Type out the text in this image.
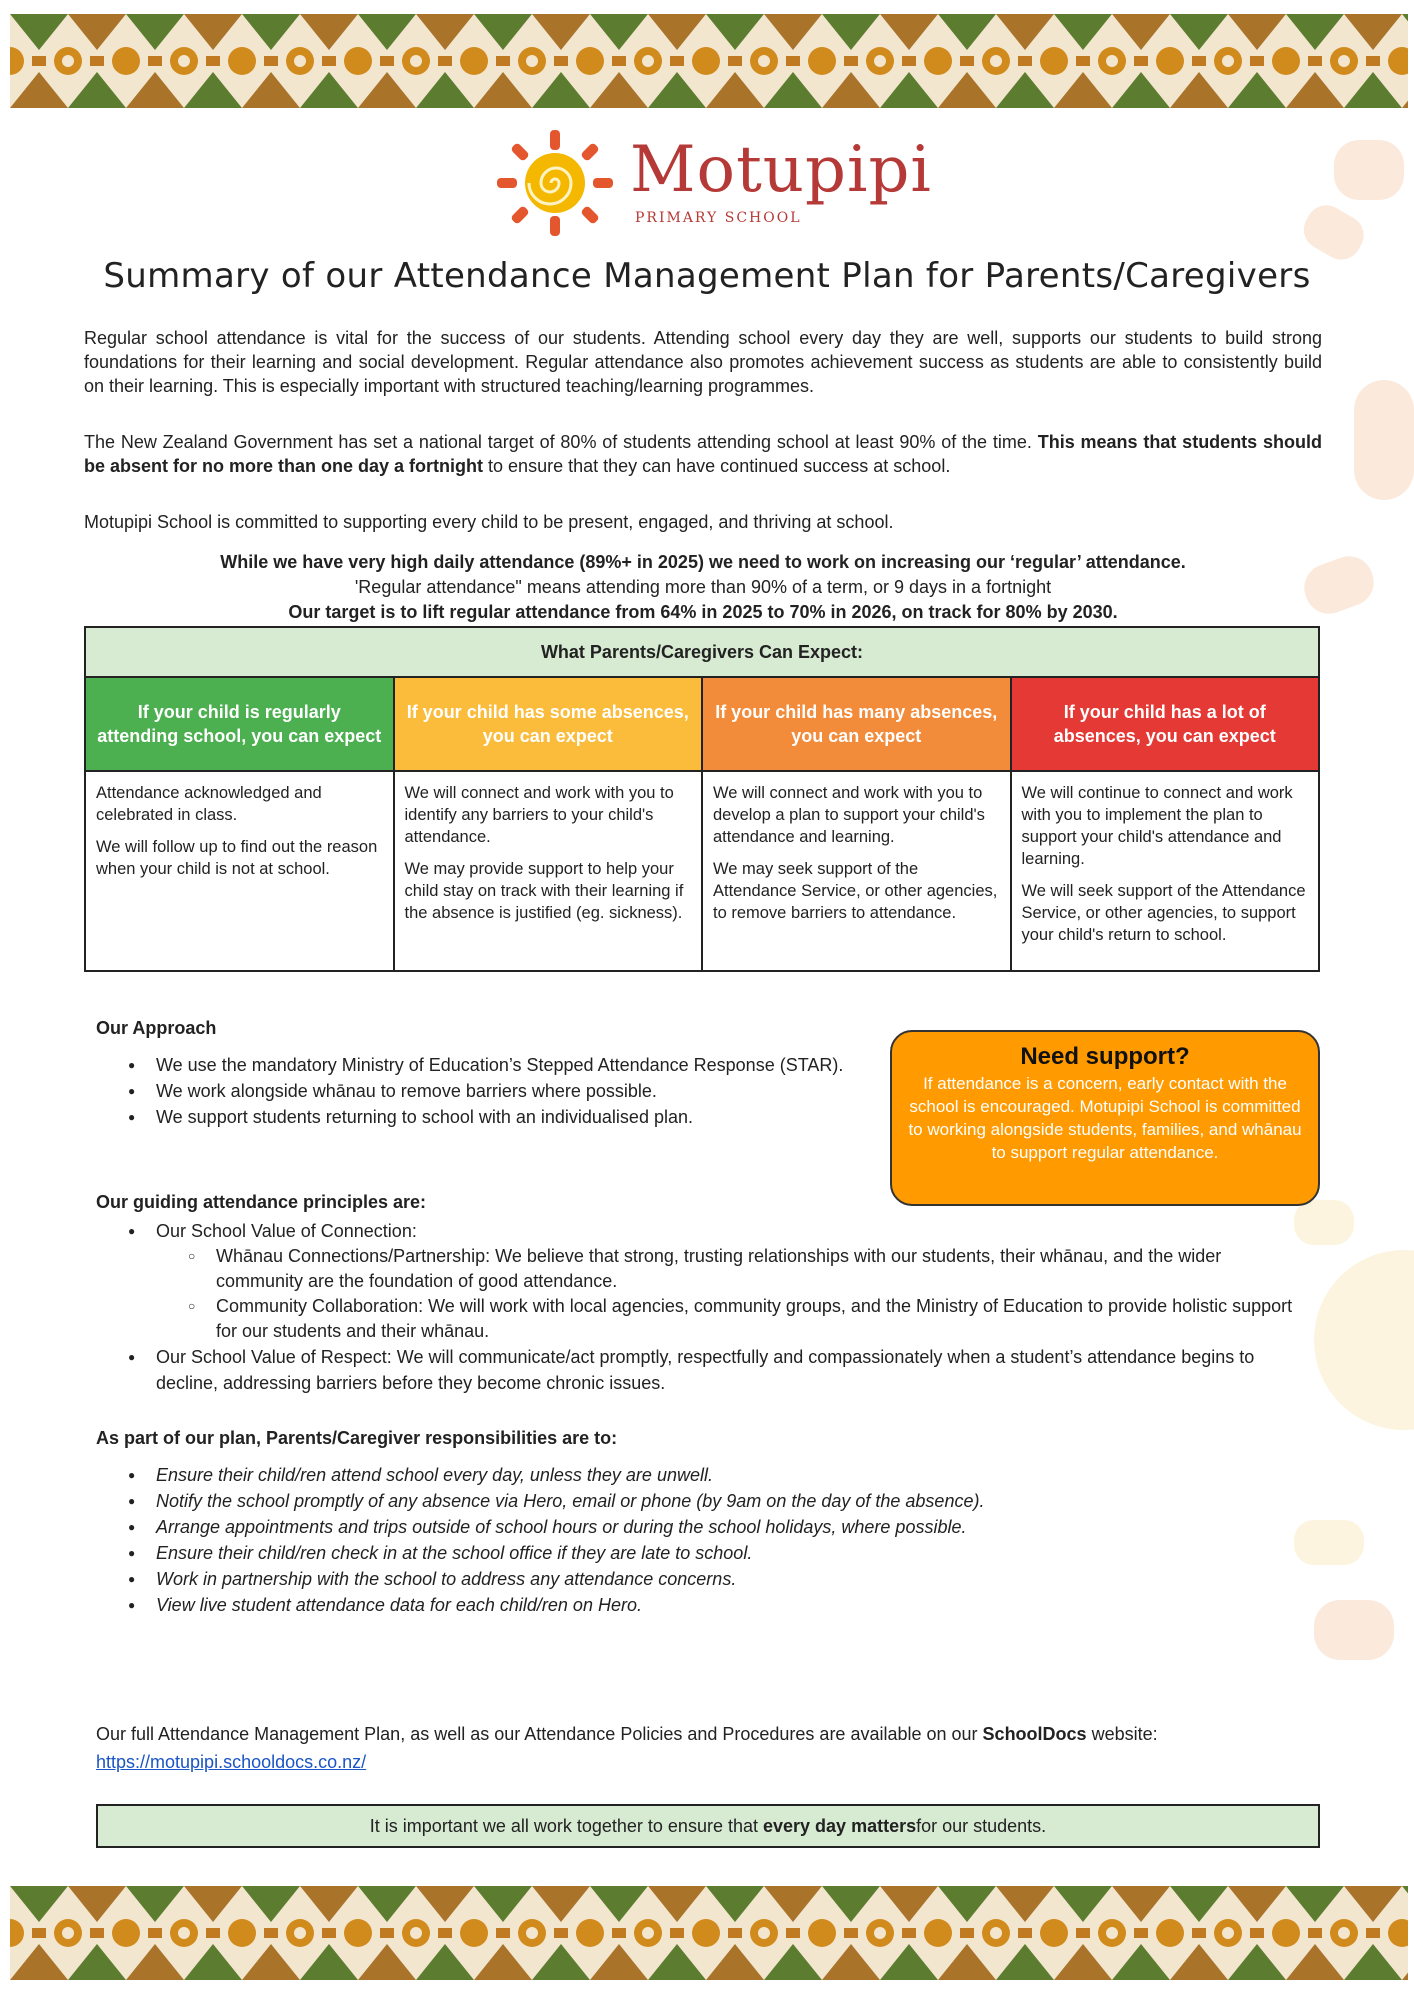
Motupipi
PRIMARY SCHOOL
Summary of our Attendance Management Plan for Parents/Caregivers
Regular school attendance is vital for the success of our students. Attending school every day they are well, supports our students to build strong foundations for their learning and social development. Regular attendance also promotes achievement success as students are able to consistently build on their learning. This is especially important with structured teaching/learning programmes.
The New Zealand Government has set a national target of 80% of students attending school at least 90% of the time. This means that students should be absent for no more than one day a fortnight to ensure that they can have continued success at school.
Motupipi School is committed to supporting every child to be present, engaged, and thriving at school.
While we have very high daily attendance (89%+ in 2025) we need to work on increasing our ‘regular’ attendance.
'Regular attendance" means attending more than 90% of a term, or 9 days in a fortnight
Our target is to lift regular attendance from 64% in 2025 to 70% in 2026, on track for 80% by 2030.
What Parents/Caregivers Can Expect:
If your child is regularly attending school, you can expect

Attendance acknowledged and celebrated in class.

We will follow up to find out the reason when your child is not at school.

If your child has some absences, you can expect

We will connect and work with you to identify any barriers to your child's attendance.

We may provide support to help your child stay on track with their learning if the absence is justified (eg. sickness).

If your child has many absences, you can expect

We will connect and work with you to develop a plan to support your child's attendance and learning.

We may seek support of the Attendance Service, or other agencies, to remove barriers to attendance.

If your child has a lot of absences, you can expect

We will continue to connect and work with you to implement the plan to support your child's attendance and learning.

We will seek support of the Attendance Service, or other agencies, to support your child's return to school.

Our Approach
● We use the mandatory Ministry of Education’s Stepped Attendance Response (STAR).
● We work alongside whānau to remove barriers where possible.
● We support students returning to school with an individualised plan.
Need support?
If attendance is a concern, early contact with the school is encouraged. Motupipi School is committed to working alongside students, families, and whānau to support regular attendance.
Our guiding attendance principles are:
● Our School Value of Connection:
○ Whānau Connections/Partnership: We believe that strong, trusting relationships with our students, their whānau, and the wider community are the foundation of good attendance.
○ Community Collaboration: We will work with local agencies, community groups, and the Ministry of Education to provide holistic support for our students and their whānau.
● Our School Value of Respect: We will communicate/act promptly, respectfully and compassionately when a student’s attendance begins to decline, addressing barriers before they become chronic issues.
As part of our plan, Parents/Caregiver responsibilities are to:
● Ensure their child/ren attend school every day, unless they are unwell.
● Notify the school promptly of any absence via Hero, email or phone (by 9am on the day of the absence).
● Arrange appointments and trips outside of school hours or during the school holidays, where possible.
● Ensure their child/ren check in at the school office if they are late to school.
● Work in partnership with the school to address any attendance concerns.
● View live student attendance data for each child/ren on Hero.
Our full Attendance Management Plan, as well as our Attendance Policies and Procedures are available on our SchoolDocs website:
https://motupipi.schooldocs.co.nz/
It is important we all work together to ensure that
every day matters for our students.
